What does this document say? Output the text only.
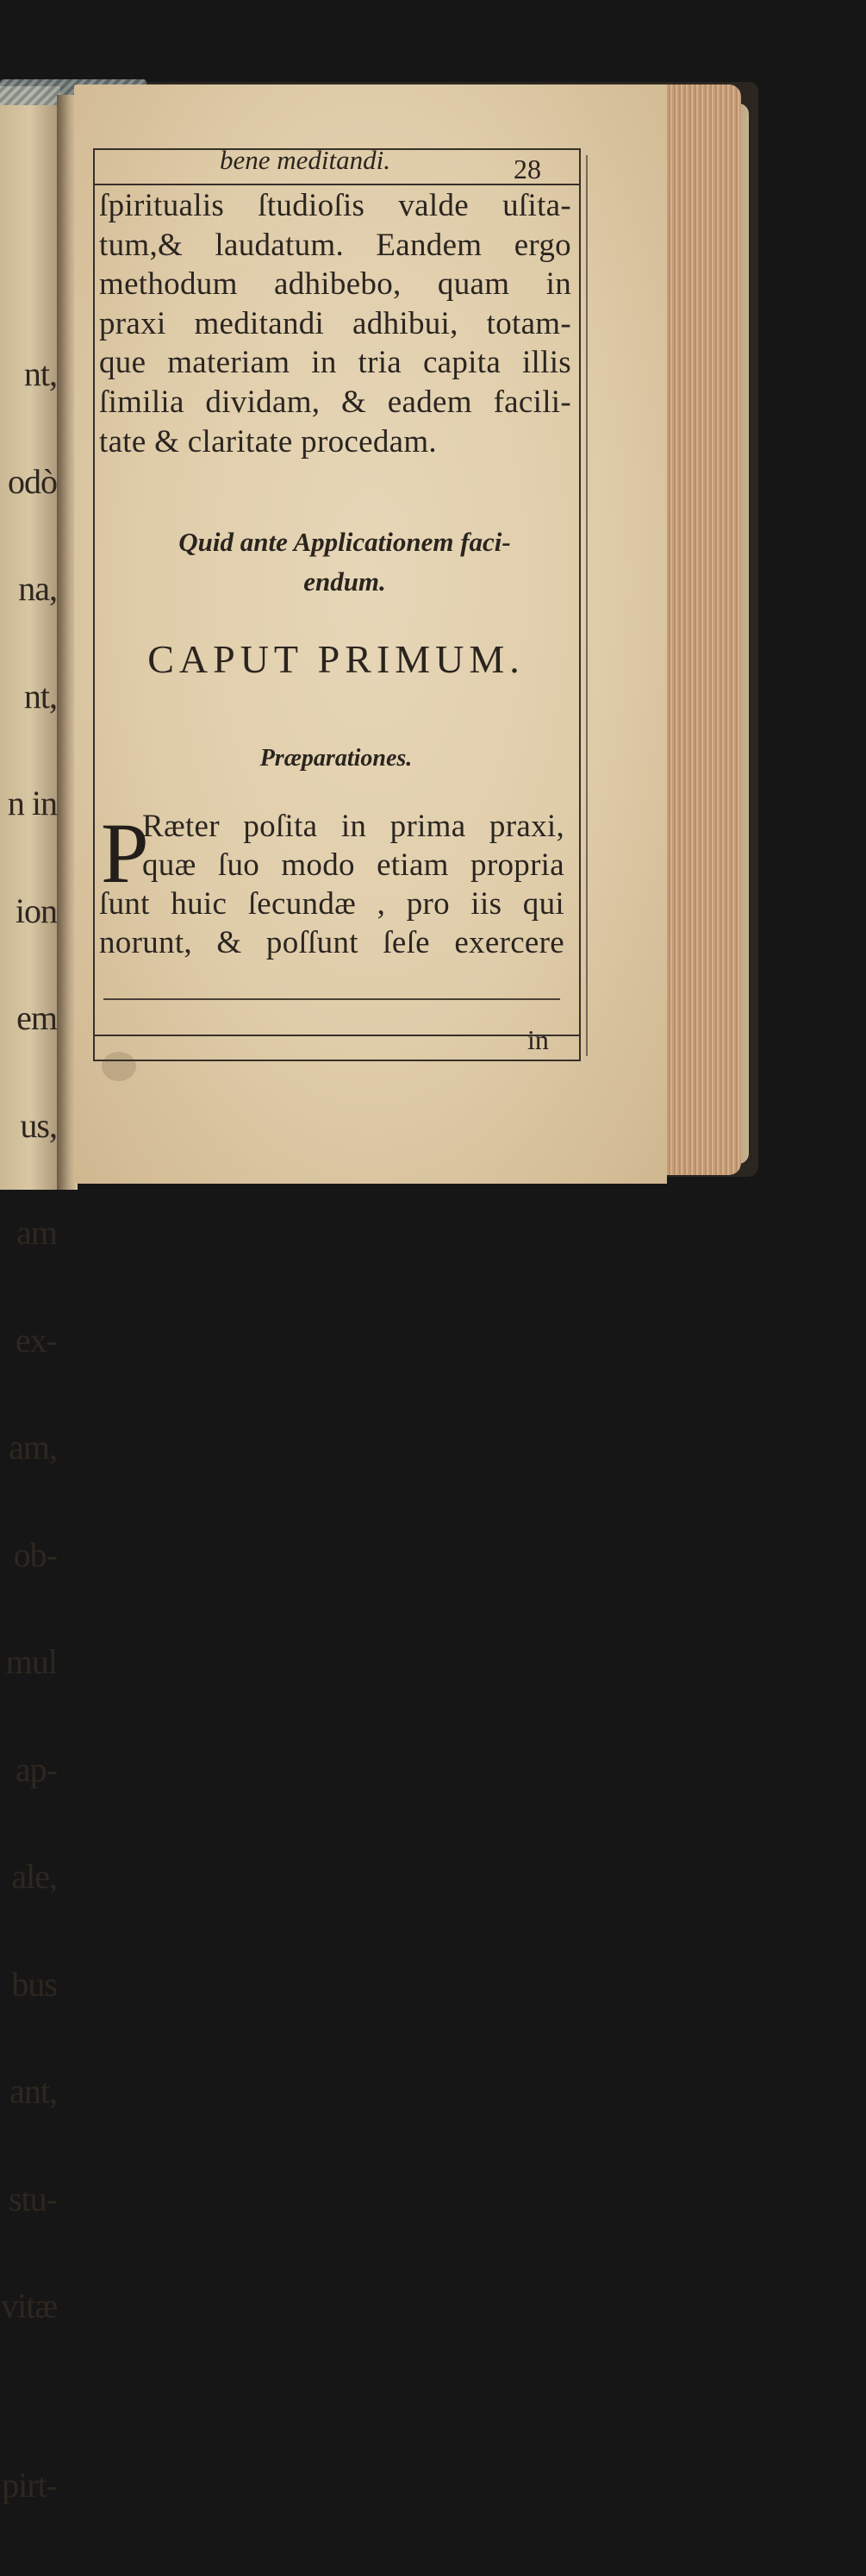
nt,

odò

na,

nt,

n in

ion

em

us,

am

ex-

am,

ob-

mul

ap-

ale,

bus

ant,

stu-

vitæ

pirt-

bene meditandi.	28
ſpiritualis ſtudioſis valde uſita-
tum,& laudatum. Eandem ergo
methodum adhibebo, quam in
praxi meditandi adhibui, totam-
que materiam in tria capita illis
ſimilia dividam, & eadem facili-
tate & claritate procedam.
Quid ante Applicationem faci-
endum.
CAPUT PRIMUM.
Præparationes.
P
Ræter poſita in prima praxi,
quæ ſuo modo etiam propria
ſunt huic ſecundæ , pro iis qui
norunt, & poſſunt ſeſe exercere
in
